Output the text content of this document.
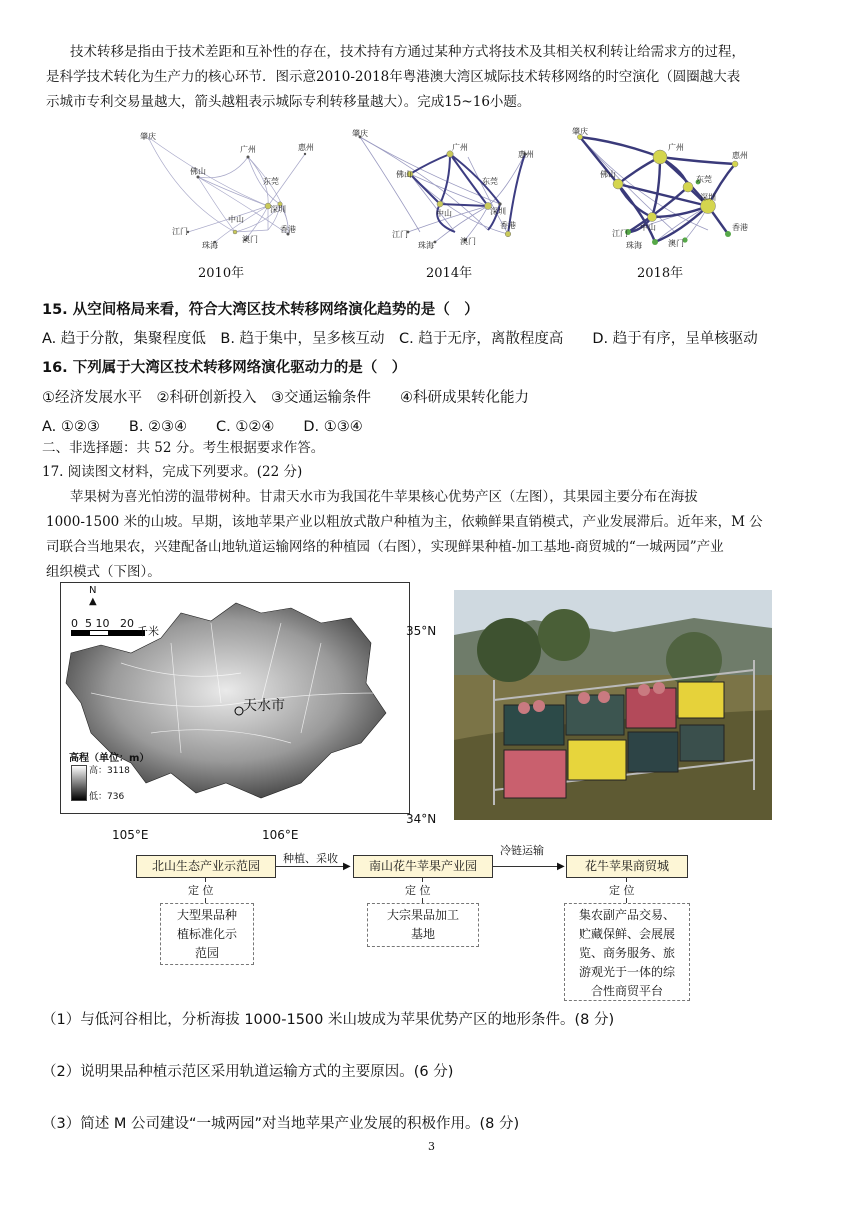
技术转移是指由于技术差距和互补性的存在，技术持有方通过某种方式将技术及其相关权利转让给需求方的过程，
是科学技术转化为生产力的核心环节．图示意2010-2018年粤港澳大湾区城际技术转移网络的时空演化（圆圈越大表
示城市专利交易量越大，箭头越粗表示城际专利转移量越大）。完成15~16小题。
肇庆
广州	惠州
佛山
东莞
深圳
中山
江门
珠海
澳门
香港
肇庆
广州
惠州
佛山
东莞
深圳
中山
江门
珠海	澳门
香港
肇庆
广州
惠州
佛山
东莞
深圳
中山
江门
珠海	澳门
香港
2010年	2014年	2018年
15. 从空间格局来看，符合大湾区技术转移网络演化趋势的是（　）
A. 趋于分散，集聚程度低　B. 趋于集中，呈多核互动　C. 趋于无序，离散程度高　　D. 趋于有序，呈单核驱动
16. 下列属于大湾区技术转移网络演化驱动力的是（　）
①经济发展水平　②科研创新投入　③交通运输条件　　④科研成果转化能力
A. ①②③　　B. ②③④　　C. ①②④　　D. ①③④
二、非选择题：共 52 分。考生根据要求作答。
17. 阅读图文材料，完成下列要求。(22 分)
苹果树为喜光怕涝的温带树种。甘肃天水市为我国花牛苹果核心优势产区（左图），其果园主要分布在海拔
1000-1500 米的山坡。早期，该地苹果产业以粗放式散户种植为主，依赖鲜果直销模式，产业发展滞后。近年来，M 公
司联合当地果农，兴建配备山地轨道运输网络的种植园（右图），实现鲜果种植-加工基地-商贸城的“一城两园”产业
组织模式（下图）。
N
▲
0 5 10 20
千米
天水市
高程（单位：m）
高：3118
低：736
35°N
34°N
105°E	106°E
北山生态产业示范园	▶
种植、采收
南山花牛苹果产业园	▶
冷链运输
花牛苹果商贸城
定 位	定 位	定 位
大型果品种
植标准化示
范园
大宗果品加工
基地
集农副产品交易、
贮藏保鲜、会展展
览、商务服务、旅
游观光于一体的综
合性商贸平台
（1）与低河谷相比，分析海拔 1000-1500 米山坡成为苹果优势产区的地形条件。(8 分)
（2）说明果品种植示范区采用轨道运输方式的主要原因。(6 分)
（3）简述 M 公司建设“一城两园”对当地苹果产业发展的积极作用。(8 分)
3
